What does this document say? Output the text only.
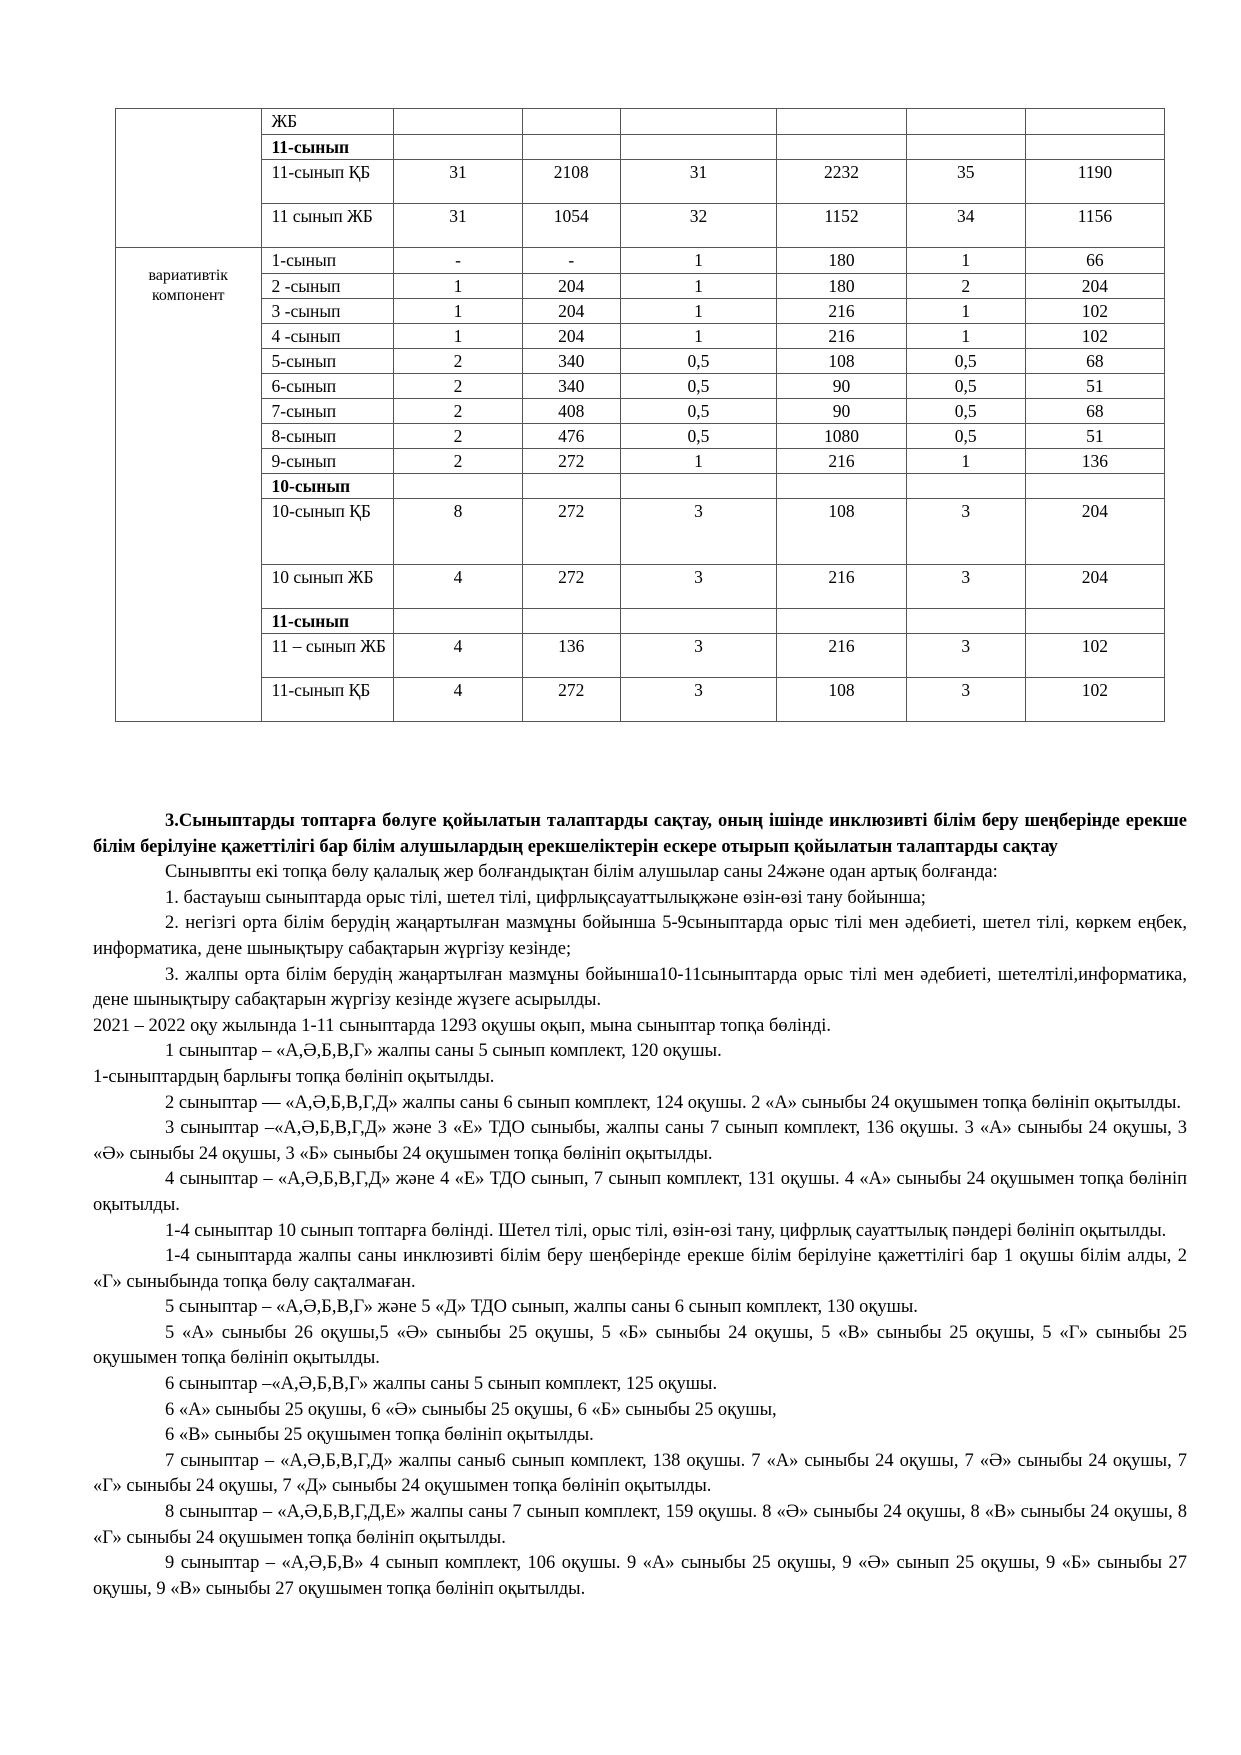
	ЖБ						
	11-сынып						
	11-сынып ҚБ	31	2108	31	2232	35	1190
	11 сынып ЖБ	31	1054	32	1152	34	1156
вариативтік компонент	1-сынып	-	-	1	180	1	66
	2 -сынып	1	204	1	180	2	204
	3 -сынып	1	204	1	216	1	102
	4 -сынып	1	204	1	216	1	102
	5-сынып	2	340	0,5	108	0,5	68
	6-сынып	2	340	0,5	90	0,5	51
	7-сынып	2	408	0,5	90	0,5	68
	8-сынып	2	476	0,5	1080	0,5	51
	9-сынып	2	272	1	216	1	136
	10-сынып						
	10-сынып ҚБ	8	272	3	108	3	204
	10 сынып ЖБ	4	272	3	216	3	204
	11-сынып						
	11 – сынып ЖБ	4	136	3	216	3	102
	11-сынып ҚБ	4	272	3	108	3	102

3.Сыныптарды топтарға бөлуге қойылатын талаптарды сақтау, оның ішінде инклюзивті білім беру шеңберінде ерекше білім берілуіне қажеттілігі бар білім алушылардың ерекшеліктерін ескере отырып қойылатын талаптарды сақтау

Сынывпты екі топқа бөлу қалалық жер болғандықтан білім алушылар саны 24және одан артық болғанда:

1. бастауыш сыныптарда орыс тілі, шетел тілі, цифрлықсауаттылықжәне өзін-өзі тану бойынша;

2. негізгі орта білім берудің жаңартылған мазмұны бойынша 5-9сыныптарда орыс тілі мен әдебиеті, шетел тілі, көркем еңбек, информатика, дене шынықтыру сабақтарын жүргізу кезінде;

3. жалпы орта білім берудің жаңартылған мазмұны бойынша10-11сыныптарда орыс тілі мен әдебиеті, шетелтілі,информатика, дене шынықтыру сабақтарын жүргізу кезінде жүзеге асырылды.

2021 – 2022 оқу жылында 1-11 сыныптарда 1293 оқушы оқып, мына сыныптар топқа бөлінді.

1 сыныптар – «А,Ә,Б,В,Г» жалпы саны 5 сынып комплект, 120 оқушы.

1-сыныптардың барлығы топқа бөлініп оқытылды.

2 сыныптар — «А,Ә,Б,В,Г,Д» жалпы саны 6 сынып комплект, 124 оқушы. 2 «А» сыныбы 24 оқушымен топқа бөлініп оқытылды.

3 сыныптар –«А,Ә,Б,В,Г,Д» және 3 «Е» ТДО сыныбы, жалпы саны 7 сынып комплект, 136 оқушы. 3 «А» сыныбы 24 оқушы, 3 «Ә» сыныбы 24 оқушы, 3 «Б» сыныбы 24 оқушымен топқа бөлініп оқытылды.

4 сыныптар – «А,Ә,Б,В,Г,Д» және 4 «Е» ТДО сынып, 7 сынып комплект, 131 оқушы. 4 «А» сыныбы 24 оқушымен топқа бөлініп оқытылды.

1-4 сыныптар 10 сынып топтарға бөлінді. Шетел тілі, орыс тілі, өзін-өзі тану, цифрлық сауаттылық пәндері бөлініп оқытылды.

1-4 сыныптарда жалпы саны инклюзивті білім беру шеңберінде ерекше білім берілуіне қажеттілігі бар 1 оқушы білім алды, 2 «Г» сыныбында топқа бөлу сақталмаған.

5 сыныптар – «А,Ә,Б,В,Г» және 5 «Д» ТДО сынып, жалпы саны 6 сынып комплект, 130 оқушы.

5 «А» сыныбы 26 оқушы,5 «Ә» сыныбы 25 оқушы, 5 «Б» сыныбы 24 оқушы, 5 «В» сыныбы 25 оқушы, 5 «Г» сыныбы 25 оқушымен топқа бөлініп оқытылды.

6 сыныптар –«А,Ә,Б,В,Г» жалпы саны 5 сынып комплект, 125 оқушы.

6 «А» сыныбы 25 оқушы, 6 «Ә» сыныбы 25 оқушы, 6 «Б» сыныбы 25 оқушы,

6 «В» сыныбы 25 оқушымен топқа бөлініп оқытылды.

7 сыныптар – «А,Ә,Б,В,Г,Д» жалпы саны6 сынып комплект, 138 оқушы. 7 «А» сыныбы 24 оқушы, 7 «Ә» сыныбы 24 оқушы, 7 «Г» сыныбы 24 оқушы, 7 «Д» сыныбы 24 оқушымен топқа бөлініп оқытылды.

8 сыныптар – «А,Ә,Б,В,Г,Д,Е» жалпы саны 7 сынып комплект, 159 оқушы. 8 «Ә» сыныбы 24 оқушы, 8 «В» сыныбы 24 оқушы, 8 «Г» сыныбы 24 оқушымен топқа бөлініп оқытылды.

9 сыныптар – «А,Ә,Б,В» 4 сынып комплект, 106 оқушы. 9 «А» сыныбы 25 оқушы, 9 «Ә» сынып 25 оқушы, 9 «Б» сыныбы 27 оқушы, 9 «В» сыныбы 27 оқушымен топқа бөлініп оқытылды.
